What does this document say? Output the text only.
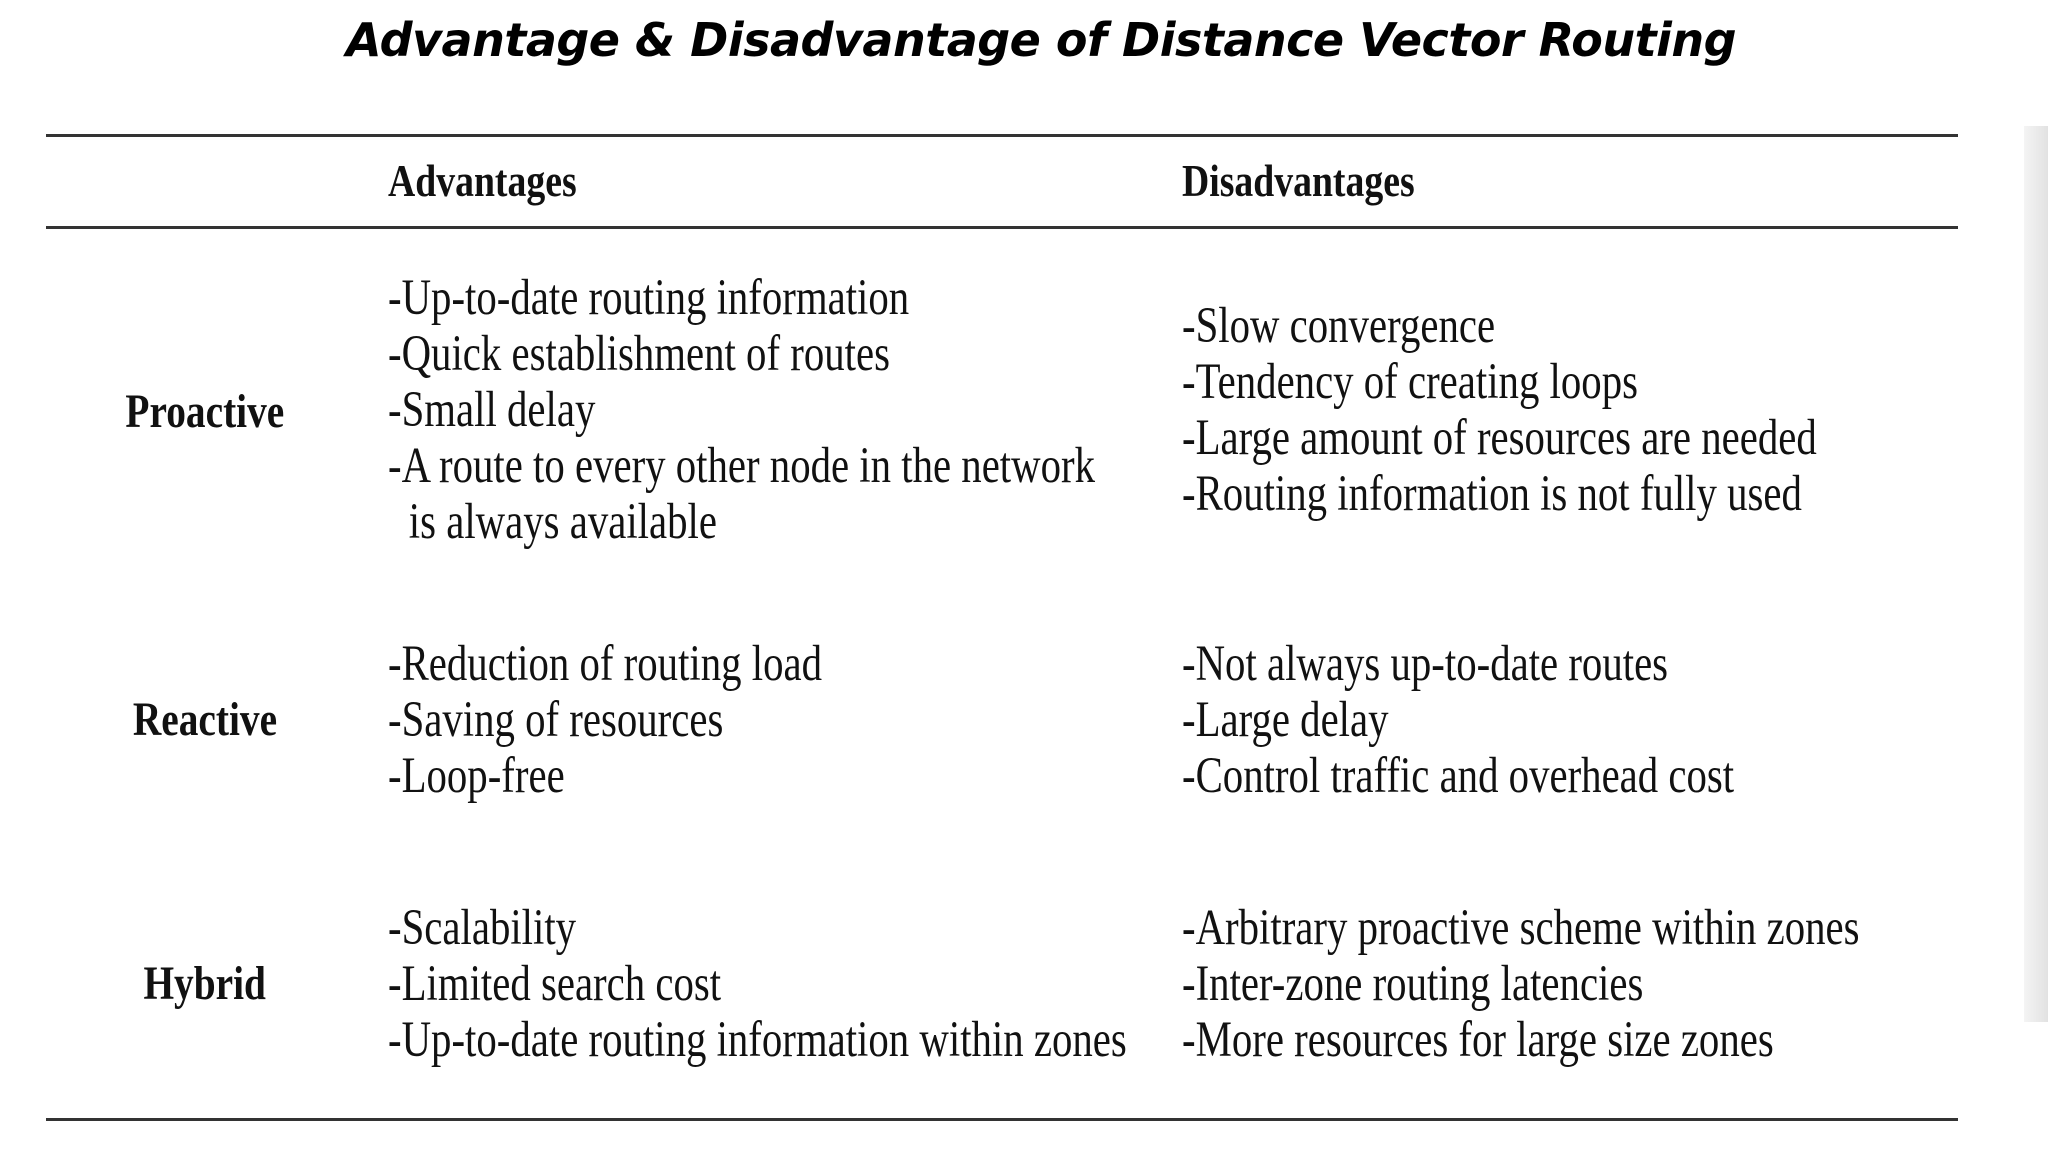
Advantage & Disadvantage of Distance Vector Routing
Advantages	Disadvantages
Proactive
-Up-to-date routing information
-Quick establishment of routes
-Small delay
-A route to every other node in the network
is always available
-Slow convergence
-Tendency of creating loops
-Large amount of resources are needed
-Routing information is not fully used
Reactive
-Reduction of routing load
-Saving of resources
-Loop-free
-Not always up-to-date routes
-Large delay
-Control traffic and overhead cost
Hybrid
-Scalability
-Limited search cost
-Up-to-date routing information within zones
-Arbitrary proactive scheme within zones
-Inter-zone routing latencies
-More resources for large size zones
